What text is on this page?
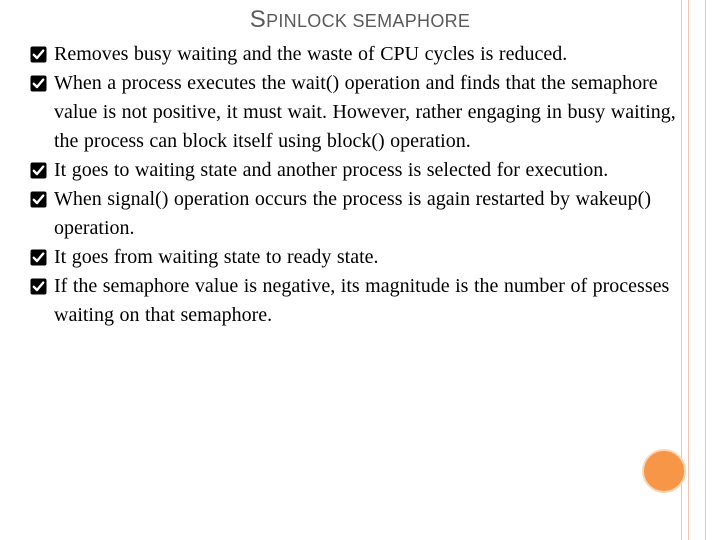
SPINLOCK SEMAPHORE
Removes busy waiting and the waste of CPU cycles is reduced.
When a process executes the wait() operation and finds that the semaphore value is not positive, it must wait. However, rather engaging in busy waiting, the process can block itself using block() operation.
It goes to waiting state and another process is selected for execution.
When signal() operation occurs the process is again restarted by wakeup() operation.
It goes from waiting state to ready state.
If the semaphore value is negative, its magnitude is the number of processes waiting on that semaphore.
